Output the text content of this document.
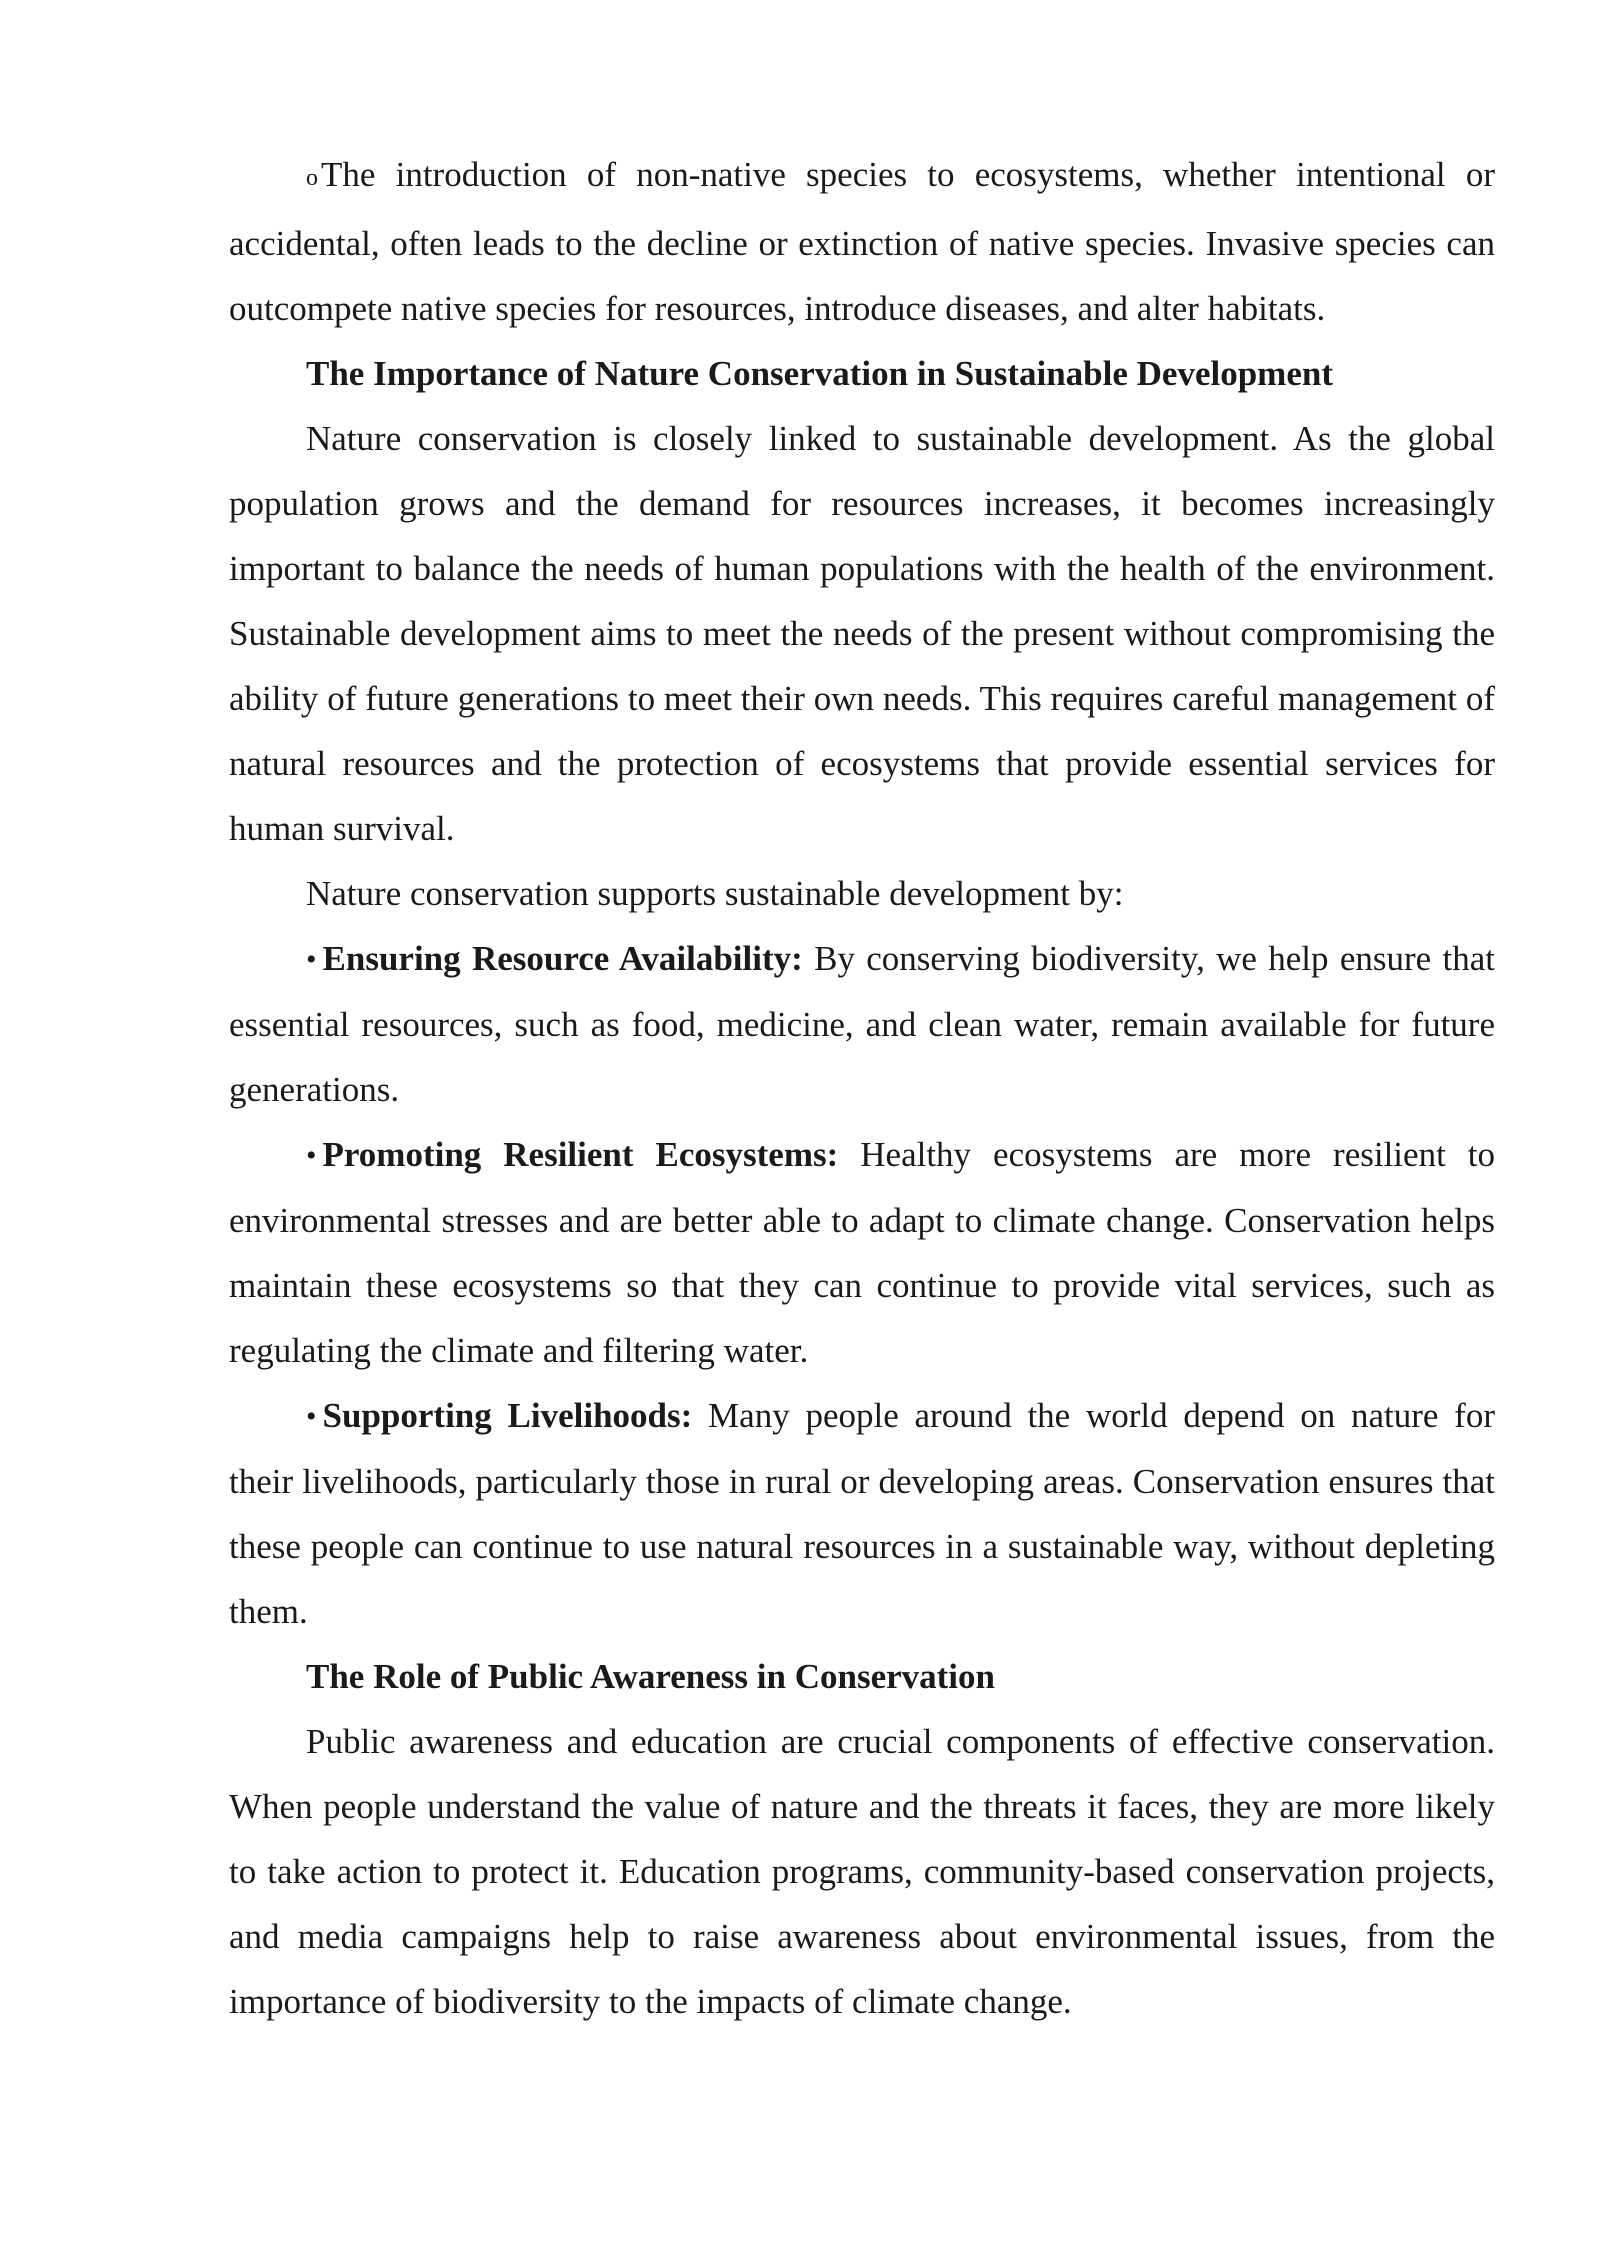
oThe introduction of non-native species to ecosystems, whether intentional or accidental, often leads to the decline or extinction of native species. Invasive species can outcompete native species for resources, introduce diseases, and alter habitats.

The Importance of Nature Conservation in Sustainable Development

Nature conservation is closely linked to sustainable development. As the global population grows and the demand for resources increases, it becomes increasingly important to balance the needs of human populations with the health of the environment. Sustainable development aims to meet the needs of the present without compromising the ability of future generations to meet their own needs. This requires careful management of natural resources and the protection of ecosystems that provide essential services for human survival.

Nature conservation supports sustainable development by:

• Ensuring Resource Availability: By conserving biodiversity, we help ensure that essential resources, such as food, medicine, and clean water, remain available for future generations.

• Promoting Resilient Ecosystems: Healthy ecosystems are more resilient to environmental stresses and are better able to adapt to climate change. Conservation helps maintain these ecosystems so that they can continue to provide vital services, such as regulating the climate and filtering water.

• Supporting Livelihoods: Many people around the world depend on nature for their livelihoods, particularly those in rural or developing areas. Conservation ensures that these people can continue to use natural resources in a sustainable way, without depleting them.

The Role of Public Awareness in Conservation

Public awareness and education are crucial components of effective conservation. When people understand the value of nature and the threats it faces, they are more likely to take action to protect it. Education programs, community-based conservation projects, and media campaigns help to raise awareness about environmental issues, from the importance of biodiversity to the impacts of climate change.
